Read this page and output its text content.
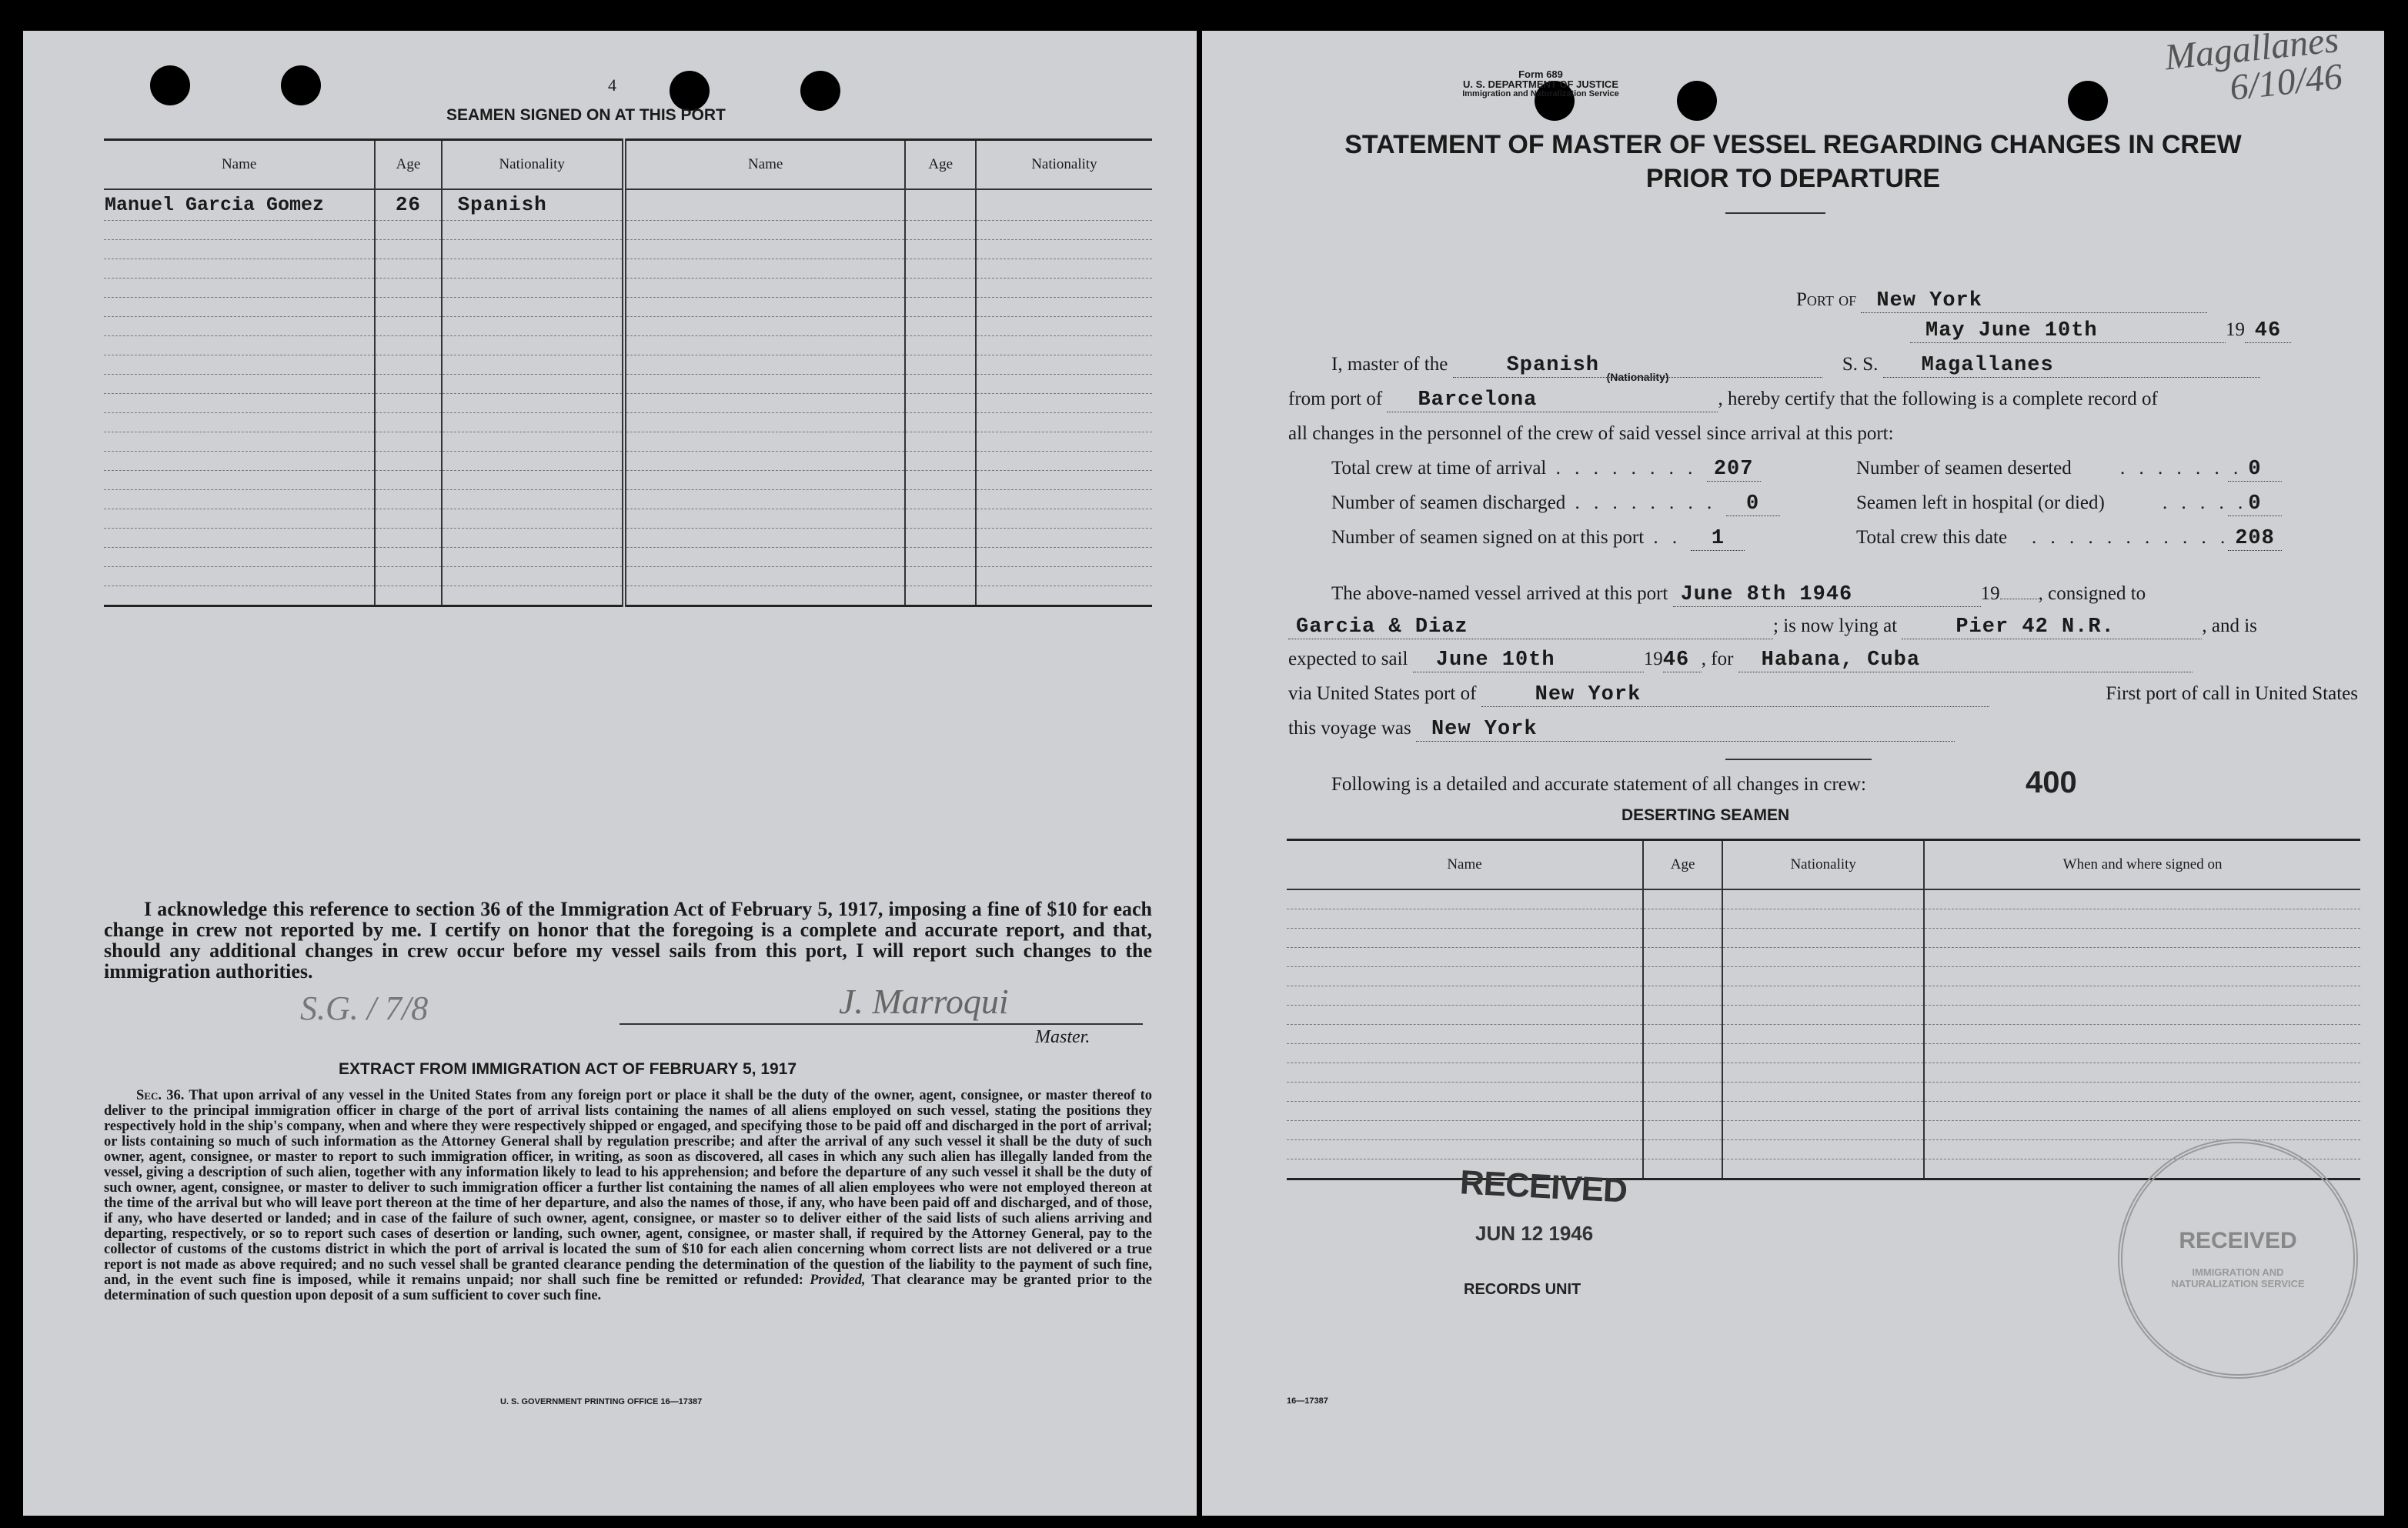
4
SEAMEN SIGNED ON AT THIS PORT
Name	Age	Nationality	Name	Age	Nationality
Manuel Garcia Gomez	26	Spanish			

I acknowledge this reference to section 36 of the Immigration Act of February 5, 1917, imposing a fine of $10 for each change in crew not reported by me. I certify on honor that the foregoing is a complete and accurate report, and that, should any additional changes in crew occur before my vessel sails from this port, I will report such changes to the immigration authorities.
S.G. / 7/8	J. Marroqui
Master.
EXTRACT FROM IMMIGRATION ACT OF FEBRUARY 5, 1917
Sec. 36. That upon arrival of any vessel in the United States from any foreign port or place it shall be the duty of the owner, agent, consignee, or master thereof to deliver to the principal immigration officer in charge of the port of arrival lists containing the names of all aliens employed on such vessel, stating the positions they respectively hold in the ship's company, when and where they were respectively shipped or engaged, and specifying those to be paid off and discharged in the port of arrival; or lists containing so much of such information as the Attorney General shall by regulation prescribe; and after the arrival of any such vessel it shall be the duty of such owner, agent, consignee, or master to report to such immigration officer, in writing, as soon as discovered, all cases in which any such alien has illegally landed from the vessel, giving a description of such alien, together with any information likely to lead to his apprehension; and before the departure of any such vessel it shall be the duty of such owner, agent, consignee, or master to deliver to such immigration officer a further list containing the names of all alien employees who were not employed thereon at the time of the arrival but who will leave port thereon at the time of her departure, and also the names of those, if any, who have been paid off and discharged, and of those, if any, who have deserted or landed; and in case of the failure of such owner, agent, consignee, or master so to deliver either of the said lists of such aliens arriving and departing, respectively, or so to report such cases of desertion or landing, such owner, agent, consignee, or master shall, if required by the Attorney General, pay to the collector of customs of the customs district in which the port of arrival is located the sum of $10 for each alien concerning whom correct lists are not delivered or a true report is not made as above required; and no such vessel shall be granted clearance pending the determination of the question of the liability to the payment of such fine, and, in the event such fine is imposed, while it remains unpaid; nor shall such fine be remitted or refunded: Provided, That clearance may be granted prior to the determination of such question upon deposit of a sum sufficient to cover such fine.
U. S. GOVERNMENT PRINTING OFFICE 16—17387
Form 689
U. S. DEPARTMENT OF JUSTICE
Immigration and Naturalization Service
Magallanes 6/10/46
STATEMENT OF MASTER OF VESSEL REGARDING CHANGES IN CREW
PRIOR TO DEPARTURE
Port of New York
May June 10th	19 46
I, master of the	Spanish (Nationality)
S. S. Magallanes
from port of Barcelona	, hereby certify that the following is a complete record of
all changes in the personnel of the crew of said vessel since arrival at this port:
Total crew at time of arrival . . . . . . . . 207	Number of seamen deserted	. . . . . . . 0
Number of seamen discharged . . . . . . . . 0	Seamen left in hospital (or died)	. . . . . 0
Number of seamen signed on at this port . . 1	Total crew this date . . . . . . . . . . . 208
The above-named vessel arrived at this port June 8th 1946	19 , consigned to
Garcia & Diaz	; is now lying at	Pier 42 N.R.	, and is
expected to sail June 10th	1946 , for Habana, Cuba
via United States port of	New York	First port of call in United States
this voyage was New York
Following is a detailed and accurate statement of all changes in crew:	400
DESERTING SEAMEN
Name	Age	Nationality	When and where signed on

RECEIVED
JUN 12 1946
RECORDS UNIT
RECEIVED
IMMIGRATION AND NATURALIZATION SERVICE
16—17387
